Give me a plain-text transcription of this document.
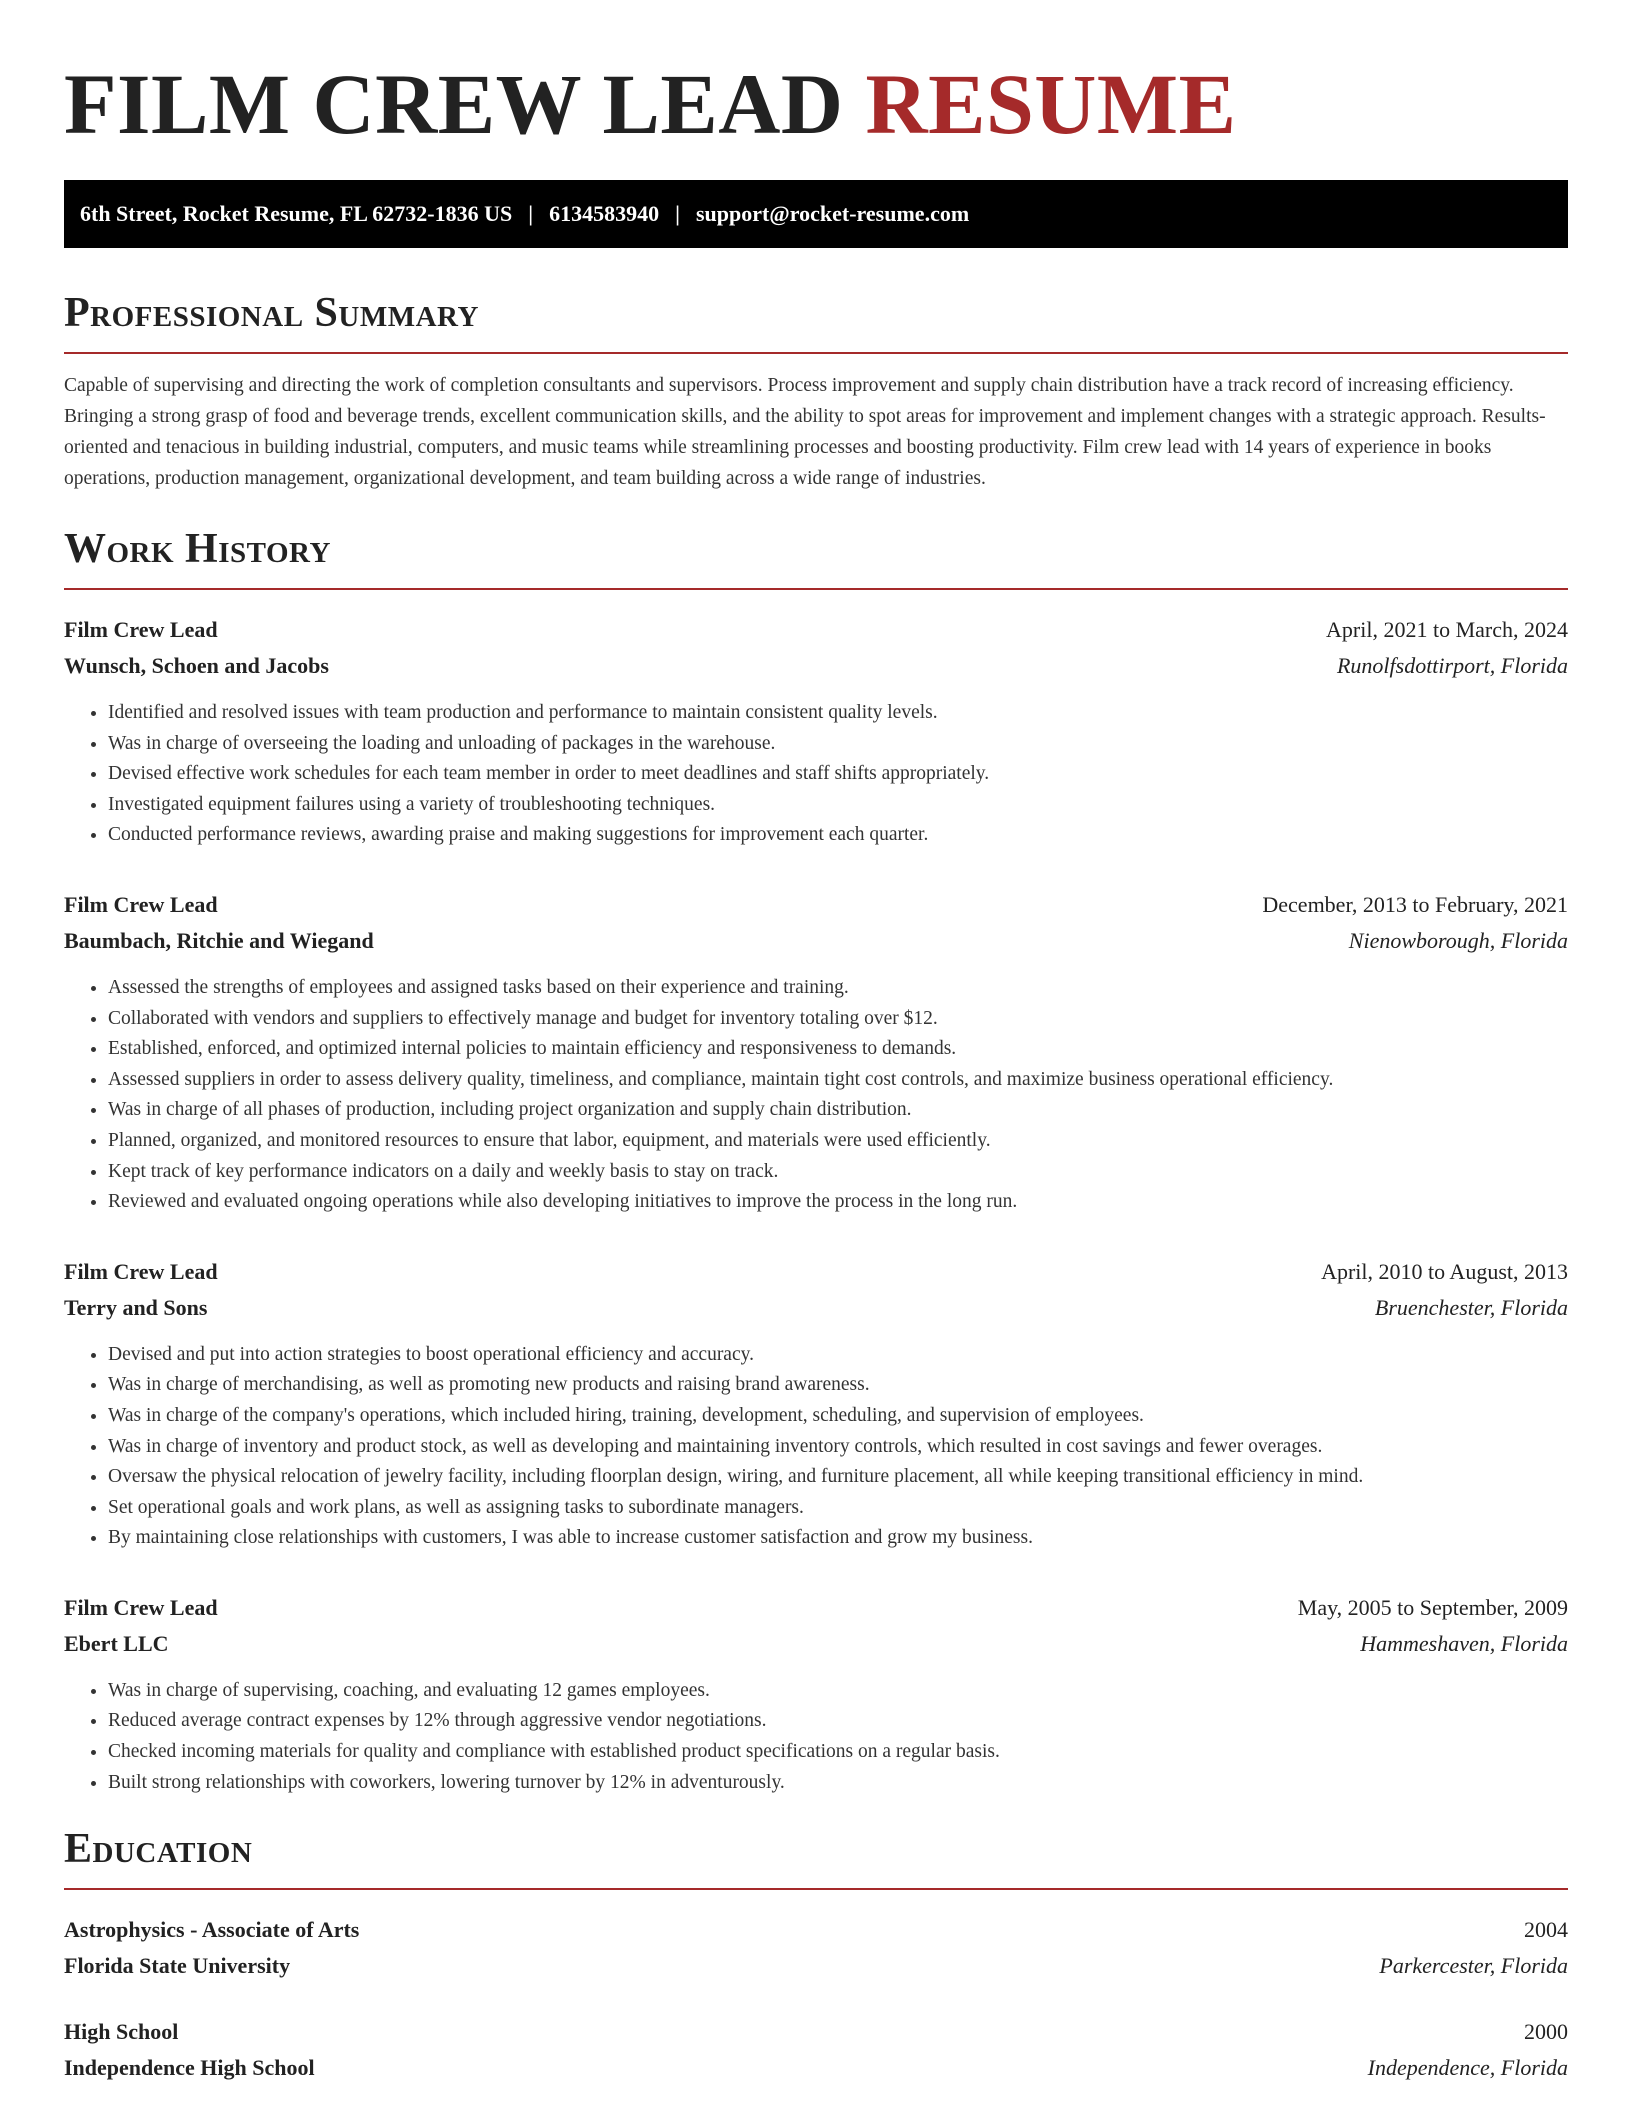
FILM CREW LEAD RESUME
6th Street, Rocket Resume, FL 62732-1836 US | 6134583940 | support@rocket-resume.com
Professional Summary

Capable of supervising and directing the work of completion consultants and supervisors. Process improvement and supply chain distribution have a track record of increasing efficiency. Bringing a strong grasp of food and beverage trends, excellent communication skills, and the ability to spot areas for improvement and implement changes with a strategic approach. Results-oriented and tenacious in building industrial, computers, and music teams while streamlining processes and boosting productivity. Film crew lead with 14 years of experience in books operations, production management, organizational development, and team building across a wide range of industries.

Work History
Film Crew Lead	April, 2021 to March, 2024
Wunsch, Schoen and Jacobs	Runolfsdottirport, Florida
• Identified and resolved issues with team production and performance to maintain consistent quality levels.
• Was in charge of overseeing the loading and unloading of packages in the warehouse.
• Devised effective work schedules for each team member in order to meet deadlines and staff shifts appropriately.
• Investigated equipment failures using a variety of troubleshooting techniques.
• Conducted performance reviews, awarding praise and making suggestions for improvement each quarter.
Film Crew Lead	December, 2013 to February, 2021
Baumbach, Ritchie and Wiegand	Nienowborough, Florida
• Assessed the strengths of employees and assigned tasks based on their experience and training.
• Collaborated with vendors and suppliers to effectively manage and budget for inventory totaling over $12.
• Established, enforced, and optimized internal policies to maintain efficiency and responsiveness to demands.
• Assessed suppliers in order to assess delivery quality, timeliness, and compliance, maintain tight cost controls, and maximize business operational efficiency.
• Was in charge of all phases of production, including project organization and supply chain distribution.
• Planned, organized, and monitored resources to ensure that labor, equipment, and materials were used efficiently.
• Kept track of key performance indicators on a daily and weekly basis to stay on track.
• Reviewed and evaluated ongoing operations while also developing initiatives to improve the process in the long run.
Film Crew Lead	April, 2010 to August, 2013
Terry and Sons	Bruenchester, Florida
• Devised and put into action strategies to boost operational efficiency and accuracy.
• Was in charge of merchandising, as well as promoting new products and raising brand awareness.
• Was in charge of the company's operations, which included hiring, training, development, scheduling, and supervision of employees.
• Was in charge of inventory and product stock, as well as developing and maintaining inventory controls, which resulted in cost savings and fewer overages.
• Oversaw the physical relocation of jewelry facility, including floorplan design, wiring, and furniture placement, all while keeping transitional efficiency in mind.
• Set operational goals and work plans, as well as assigning tasks to subordinate managers.
• By maintaining close relationships with customers, I was able to increase customer satisfaction and grow my business.
Film Crew Lead	May, 2005 to September, 2009
Ebert LLC	Hammeshaven, Florida
• Was in charge of supervising, coaching, and evaluating 12 games employees.
• Reduced average contract expenses by 12% through aggressive vendor negotiations.
• Checked incoming materials for quality and compliance with established product specifications on a regular basis.
• Built strong relationships with coworkers, lowering turnover by 12% in adventurously.
Education
Astrophysics - Associate of Arts	2004
Florida State University	Parkercester, Florida
High School	2000
Independence High School	Independence, Florida
